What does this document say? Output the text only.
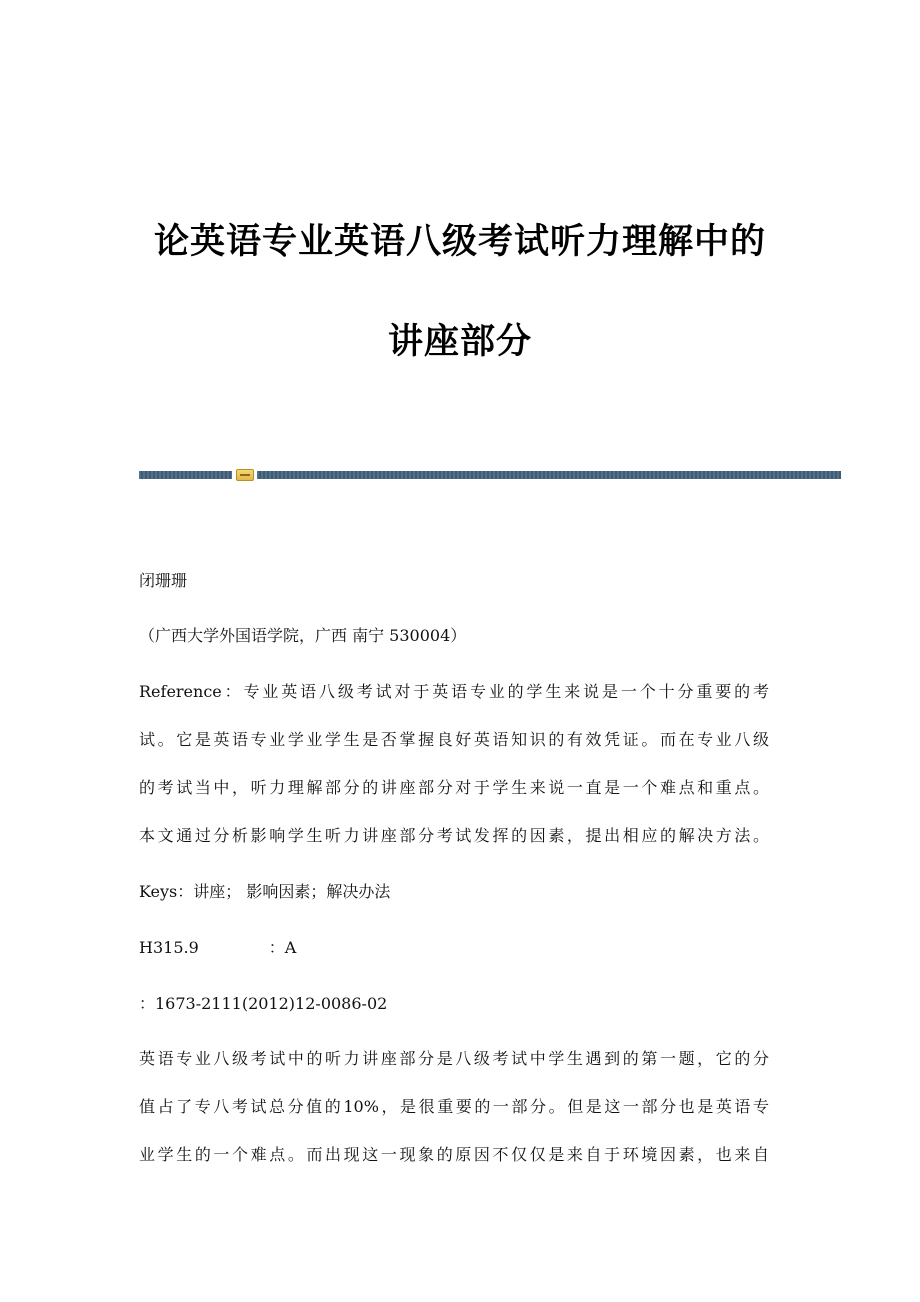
论英语专业英语八级考试听力理解中的
讲座部分
闭珊珊
（广西大学外国语学院，广西 南宁 530004）
Reference：专业英语八级考试对于英语专业的学生来说是一个十分重要的考
试。它是英语专业学业学生是否掌握良好英语知识的有效凭证。而在专业八级
的考试当中，听力理解部分的讲座部分对于学生来说一直是一个难点和重点。
本文通过分析影响学生听力讲座部分考试发挥的因素，提出相应的解决方法。
Keys：讲座； 影响因素；解决办法
H315.9	：A
：1673-2111(2012)12-0086-02
英语专业八级考试中的听力讲座部分是八级考试中学生遇到的第一题，它的分
值占了专八考试总分值的10%，是很重要的一部分。但是这一部分也是英语专
业学生的一个难点。而出现这一现象的原因不仅仅是来自于环境因素，也来自
